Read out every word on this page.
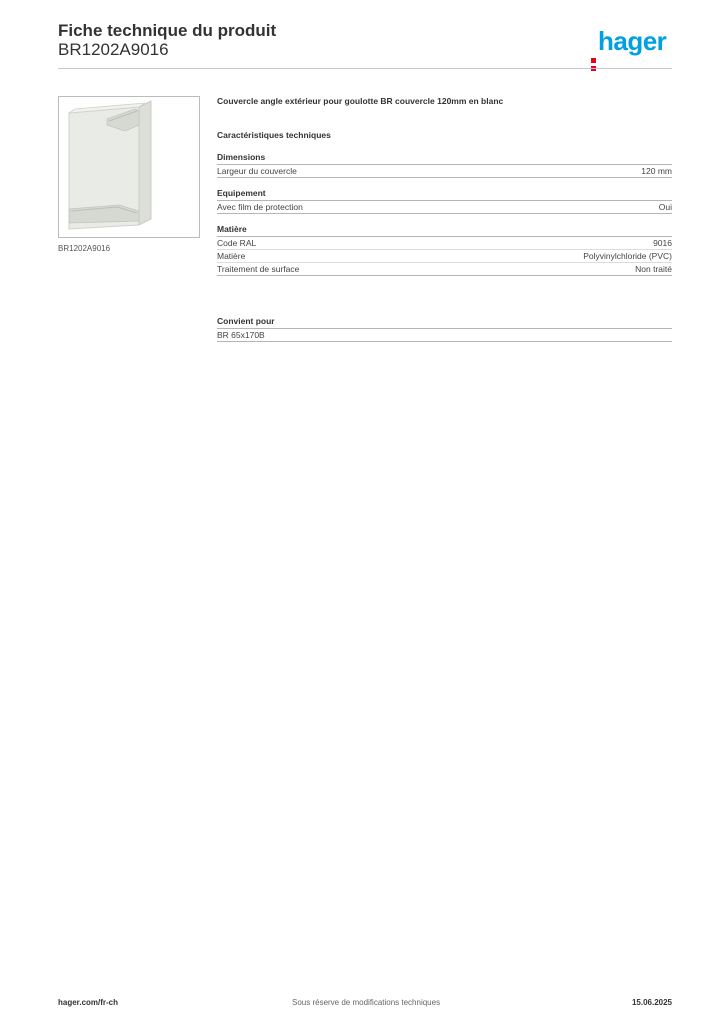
Fiche technique du produit
BR1202A9016	hager
BR1202A9016
Couvercle angle extérieur pour goulotte BR couvercle 120mm en blanc
Caractéristiques techniques
Dimensions
Largeur du couvercle	120 mm
Equipement
Avec film de protection	Oui
Matière
Code RAL	9016
Matière	Polyvinylchloride (PVC)
Traitement de surface	Non traité
Convient pour
BR 65x170B
hager.com/fr-ch	Sous réserve de modifications techniques	15.06.2025
